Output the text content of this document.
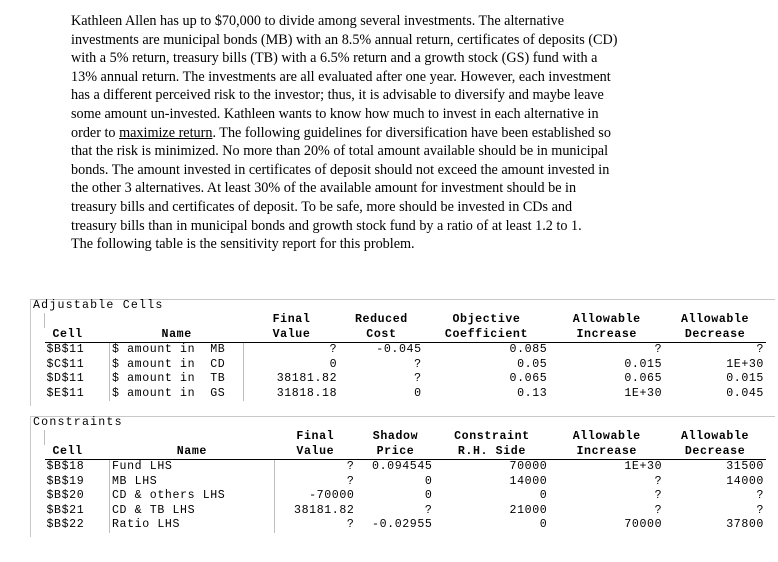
Kathleen Allen has up to $70,000 to divide among several investments. The alternative
investments are municipal bonds (MB) with an 8.5% annual return, certificates of deposits (CD)
with a 5% return, treasury bills (TB) with a 6.5% return and a growth stock (GS) fund with a
13% annual return. The investments are all evaluated after one year. However, each investment
has a different perceived risk to the investor; thus, it is advisable to diversify and maybe leave
some amount un-invested. Kathleen wants to know how much to invest in each alternative in
order to maximize return. The following guidelines for diversification have been established so
that the risk is minimized. No more than 20% of total amount available should be in municipal
bonds. The amount invested in certificates of deposit should not exceed the amount invested in
the other 3 alternatives. At least 30% of the available amount for investment should be in
treasury bills and certificates of deposit. To be safe, more should be invested in CDs and
treasury bills than in municipal bonds and growth stock fund by a ratio of at least 1.2 to 1.
The following table is the sensitivity report for this problem.
Adjustable Cells
		Final	Reduced	Objective	Allowable	Allowable
Cell	Name	Value	Cost	Coefficient	Increase	Decrease
$B$11	$ amount in  MB	?	-0.045	0.085	?	?
$C$11	$ amount in  CD	0	?	0.05	0.015	1E+30
$D$11	$ amount in  TB	38181.82	?	0.065	0.065	0.015
$E$11	$ amount in  GS	31818.18	0	0.13	1E+30	0.045
Constraints
		Final	Shadow	Constraint	Allowable	Allowable
Cell	Name	Value	Price	R.H. Side	Increase	Decrease
$B$18	Fund LHS	?	0.094545	70000	1E+30	31500
$B$19	MB LHS	?	0	14000	?	14000
$B$20	CD & others LHS	-70000	0	0	?	?
$B$21	CD & TB LHS	38181.82	?	21000	?	?
$B$22	Ratio LHS	?	-0.02955	0	70000	37800
